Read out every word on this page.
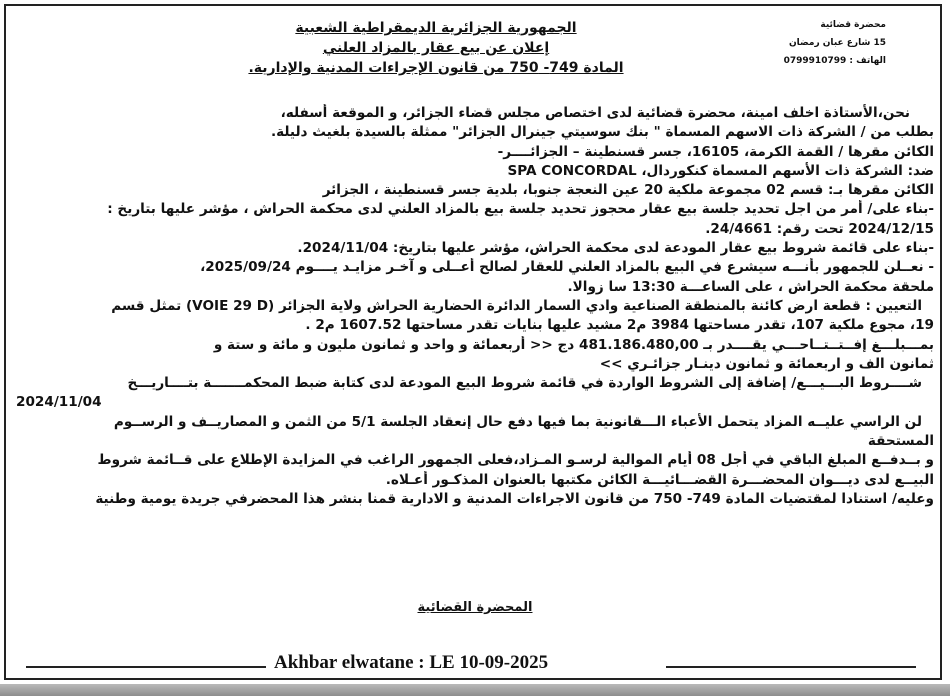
محضرة قضائية
15 شارع عبان رمضان
الهاتف : 0799910799
الجمهورية الجزائرية الديمقراطية الشعبية
إعلان عن بيع عقار بالمزاد العلني
المادة 749- 750 من قانون الإجراءات المدنية والإدارية.
نحن،الأستاذة اخلف امينة، محضرة قضائية لدى اختصاص مجلس قضاء الجزائر، و الموقعة أسفله،
بطلب من / الشركة ذات الاسهم المسماة " بنك سوسيتي جينرال الجزائر" ممثلة بالسيدة بلغيث دليلة.
الكائن مقرها / القمة الكرمة، 16105، جسر قسنطينة – الجزائــــر-
ضد: الشركة ذات الأسهم المسماة كنكوردال، SPA CONCORDAL
الكائن مقرها بـ: قسم 02 مجموعة ملكية 20 عين النعجة جنوبا، بلدية جسر قسنطينة ، الجزائر
-بناء على/ أمر من اجل تحديد جلسة بيع عقار محجوز تحديد جلسة بيع بالمزاد العلني لدى محكمة الحراش ، مؤشر عليها بتاريخ :
2024/12/15 تحت رقم: 24/4661.
-بناء على قائمة شروط بيع عقار المودعة لدى محكمة الحراش، مؤشر عليها بتاريخ: 2024/11/04.
- نعــلن للجمهور بأنـــه سيشرع في البيع بالمزاد العلني للعقار لصالح أعــلى و آخـر مزايـد يــــوم 2025/09/24،
ملحقة محكمة الحراش ، على الساعـــة 13:30 سا زوالا.
التعيين : قطعة ارض كائنة بالمنطقة الصناعية وادي السمار الدائرة الحضارية الحراش ولاية الجزائر (VOIE 29 D) تمثل قسم
19، مجوع ملكية 107، تقدر مساحتها 3984 م2 مشيد عليها بنايات تقدر مساحتها 1607.52 م2 .
بمـــبلـــغ إفــتــتــاحـــي يقــــدر بـ 481.186.480,00 دج << أربعمائة و واحد و ثمانون مليون و مائة و ستة و
ثمانون الف و اربعمائة و ثمانون دينـار جزائـري >>
شــــروط البـــيـــع/ إضافة إلى الشروط الواردة في قائمة شروط البيع المودعة لدى كتابة ضبط المحكمـــــــة بتــــاريـــخ
2024/11/04
لن الراسي عليــه المزاد يتحمل الأعباء الـــقانونية بما فيها دفع حال إنعقاد الجلسة 5/1 من الثمن و المصاريــف و الرســوم
المستحقة
و بــدفــع المبلغ الباقي في أجل 08 أيام الموالية لرسـو المـزاد،فعلى الجمهور الراغب في المزايدة الإطلاع على قــائمة شروط
البيــع لدى ديـــوان المحضـــرة القضـــائيـــة الكائن مكتبها بالعنوان المذكـور أعـلاه.
وعليه/ استنادا لمقتضيات المادة 749- 750 من قانون الاجراءات المدنية و الادارية قمنا بنشر هذا المحضرفي جريدة يومية وطنية
المحضرة القضائية
Akhbar elwatane : LE 10-09-2025
